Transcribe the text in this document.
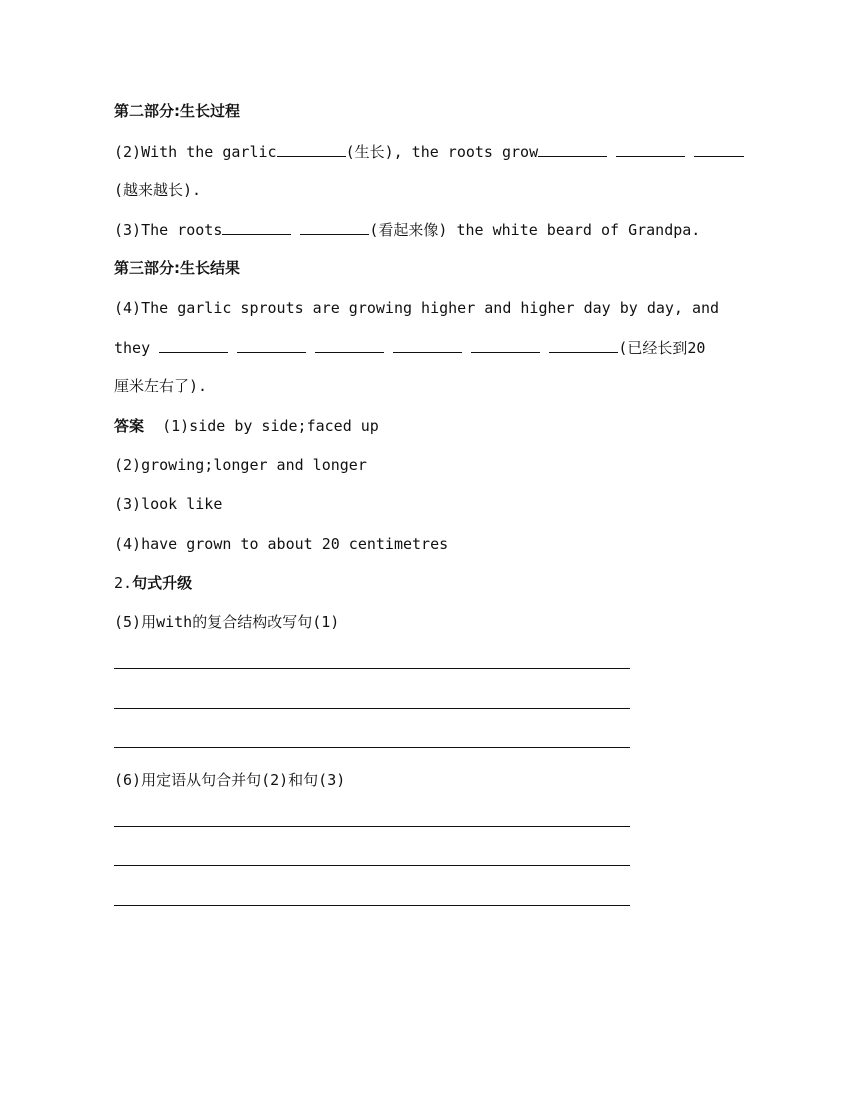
第二部分:生长过程
(2)With the garlic	(生长), the roots grow
(越来越长).
(3)The roots	(看起来像) the white beard of Grandpa.
第三部分:生长结果
(4)The garlic sprouts are growing higher and higher day by day, and
they	(已经长到20
厘米左右了).
答案 (1)side by side;faced up
(2)growing;longer and longer
(3)look like
(4)have grown to about 20 centimetres
2.句式升级
(5)用with的复合结构改写句(1)
(6)用定语从句合并句(2)和句(3)
